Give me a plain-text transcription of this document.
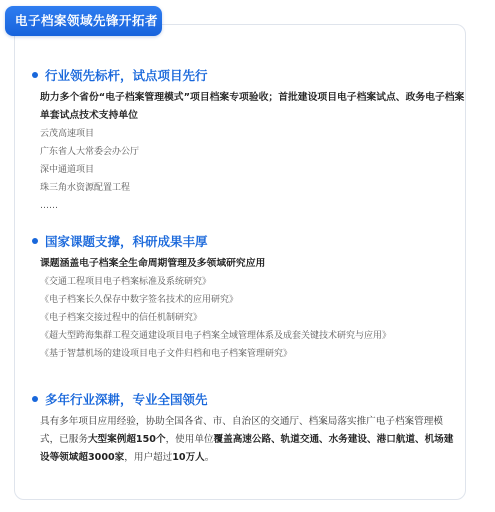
电子档案领域先锋开拓者
行业领先标杆，试点项目先行
助力多个省份“电子档案管理模式”项目档案专项验收；首批建设项目电子档案试点、政务电子档案单套试点技术支持单位
云茂高速项目
广东省人大常委会办公厅
深中通道项目
珠三角水资源配置工程
……
国家课题支撑，科研成果丰厚
课题涵盖电子档案全生命周期管理及多领域研究应用
《交通工程项目电子档案标准及系统研究》
《电子档案长久保存中数字签名技术的应用研究》
《电子档案交接过程中的信任机制研究》
《超大型跨海集群工程交通建设项目电子档案全域管理体系及成套关键技术研究与应用》
《基于智慧机场的建设项目电子文件归档和电子档案管理研究》
多年行业深耕，专业全国领先
具有多年项目应用经验，协助全国各省、市、自治区的交通厅、档案局落实推广电子档案管理模式，已服务大型案例超150个，使用单位覆盖高速公路、轨道交通、水务建设、港口航道、机场建设等领域超3000家，用户超过10万人。
